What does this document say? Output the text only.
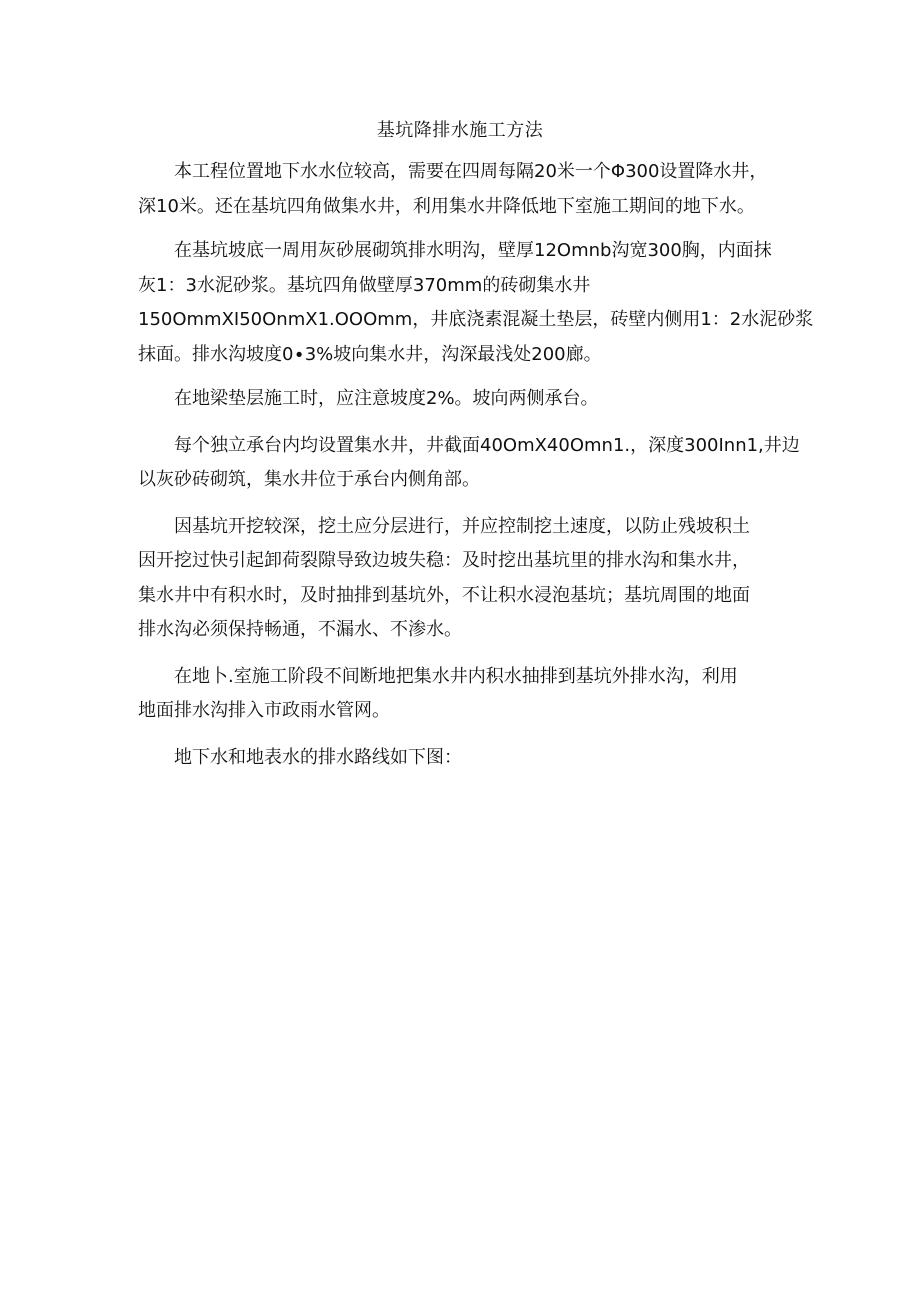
基坑降排水施工方法

本工程位置地下水水位较高，需要在四周每隔20米一个Φ300设置降水井，
深10米。还在基坑四角做集水井，利用集水井降低地下室施工期间的地下水。

在基坑坡底一周用灰砂展砌筑排水明沟，壁厚12Omnb沟宽300胸，内面抹
灰1：3水泥砂浆。基坑四角做壁厚370mm的砖砌集水井
150OmmXI50OnmX1.OOOmm，井底浇素混凝土垫层，砖壁内侧用1：2水泥砂浆
抹面。排水沟坡度0∙3%坡向集水井，沟深最浅处200廊。

在地梁垫层施工时，应注意坡度2%。坡向两侧承台。

每个独立承台内均设置集水井，井截面40OmX40Omn1.，深度300Inn1,井边
以灰砂砖砌筑，集水井位于承台内侧角部。

因基坑开挖较深，挖土应分层进行，并应控制挖土速度，以防止残坡积土
因开挖过快引起卸荷裂隙导致边坡失稳：及时挖出基坑里的排水沟和集水井，
集水井中有积水时，及时抽排到基坑外，不让积水浸泡基坑；基坑周围的地面
排水沟必须保持畅通，不漏水、不渗水。

在地卜.室施工阶段不间断地把集水井内积水抽排到基坑外排水沟，利用
地面排水沟排入市政雨水管网。

地下水和地表水的排水路线如下图：
